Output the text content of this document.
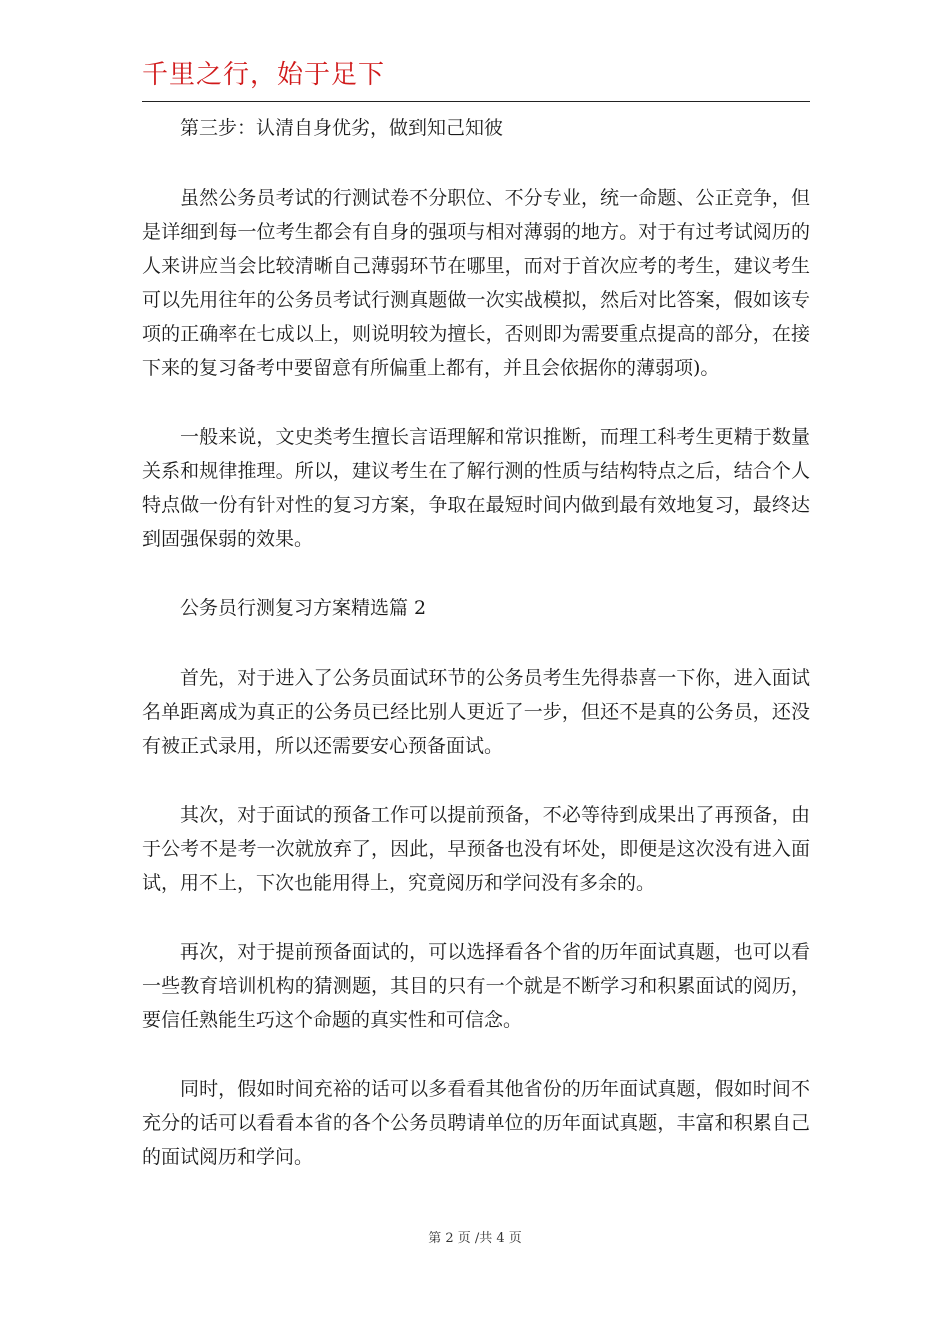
千里之行，始于足下

第三步：认清自身优劣，做到知己知彼

虽然公务员考试的行测试卷不分职位、不分专业，统一命题、公正竞争，但是详细到每一位考生都会有自身的强项与相对薄弱的地方。对于有过考试阅历的人来讲应当会比较清晰自己薄弱环节在哪里，而对于首次应考的考生，建议考生可以先用往年的公务员考试行测真题做一次实战模拟，然后对比答案，假如该专项的正确率在七成以上，则说明较为擅长，否则即为需要重点提高的部分，在接下来的复习备考中要留意有所偏重上都有，并且会依据你的薄弱项)。

一般来说，文史类考生擅长言语理解和常识推断，而理工科考生更精于数量关系和规律推理。所以，建议考生在了解行测的性质与结构特点之后，结合个人特点做一份有针对性的复习方案，争取在最短时间内做到最有效地复习，最终达到固强保弱的效果。

公务员行测复习方案精选篇 2

首先，对于进入了公务员面试环节的公务员考生先得恭喜一下你，进入面试名单距离成为真正的公务员已经比别人更近了一步，但还不是真的公务员，还没有被正式录用，所以还需要安心预备面试。

其次，对于面试的预备工作可以提前预备，不必等待到成果出了再预备，由于公考不是考一次就放弃了，因此，早预备也没有坏处，即便是这次没有进入面试，用不上，下次也能用得上，究竟阅历和学问没有多余的。

再次，对于提前预备面试的，可以选择看各个省的历年面试真题，也可以看一些教育培训机构的猜测题，其目的只有一个就是不断学习和积累面试的阅历，要信任熟能生巧这个命题的真实性和可信念。

同时，假如时间充裕的话可以多看看其他省份的历年面试真题，假如时间不充分的话可以看看本省的各个公务员聘请单位的历年面试真题，丰富和积累自己的面试阅历和学问。

第 2 页 /共 4 页
